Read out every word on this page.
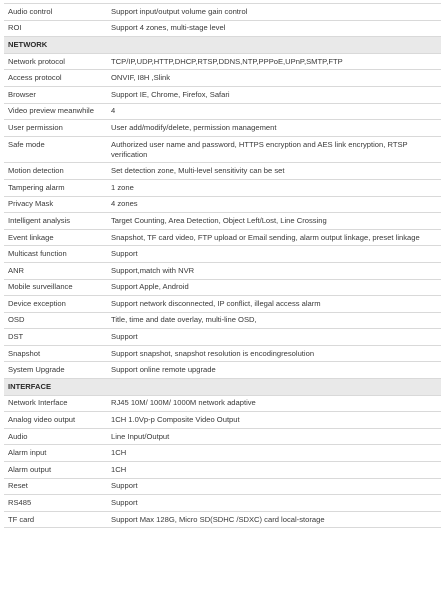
Audio control	Support input/output volume gain control
ROI	Support 4 zones, multi-stage level
NETWORK
Network protocol	TCP/IP,UDP,HTTP,DHCP,RTSP,DDNS,NTP,PPPoE,UPnP,SMTP,FTP
Access protocol	ONVIF, I8H ,Slink
Browser	Support IE, Chrome, Firefox, Safari
Video preview meanwhile	4
User permission	User add/modify/delete, permission management
Safe mode	Authorized user name and password, HTTPS encryption and AES link encryption, RTSP verification
Motion detection	Set detection zone, Multi-level sensitivity can be set
Tampering alarm	1 zone
Privacy Mask	4 zones
Intelligent analysis	Target Counting, Area Detection, Object Left/Lost, Line Crossing
Event linkage	Snapshot, TF card video, FTP upload or Email sending, alarm output linkage, preset linkage
Multicast function	Support
ANR	Support,match with NVR
Mobile surveillance	Support Apple, Android
Device exception	Support network disconnected, IP conflict, illegal access alarm
OSD	Title, time and date overlay, multi-line OSD,
DST	Support
Snapshot	Support snapshot, snapshot resolution is encodingresolution
System Upgrade	Support online remote upgrade
INTERFACE
Network Interface	RJ45 10M/ 100M/ 1000M network adaptive
Analog video output	1CH 1.0Vp-p Composite Video Output
Audio	Line Input/Output
Alarm input	1CH
Alarm output	1CH
Reset	Support
RS485	Support
TF card	Support Max 128G, Micro SD(SDHC /SDXC) card local-storage
